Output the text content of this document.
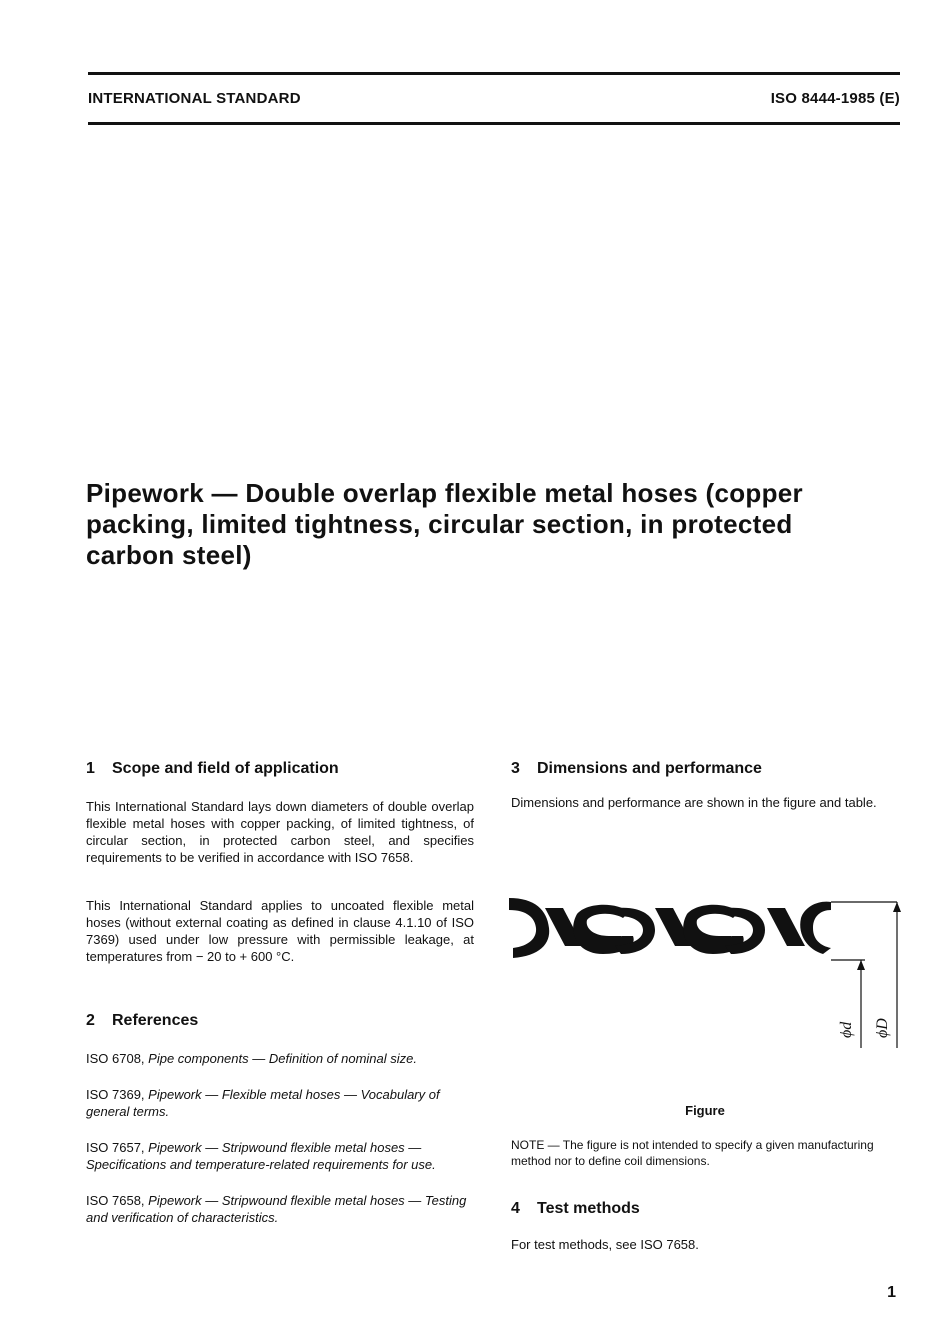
INTERNATIONAL STANDARD	ISO 8444-1985 (E)
Pipework — Double overlap flexible metal hoses (copper packing, limited tightness, circular section, in protected carbon steel)
1 Scope and field of application

This International Standard lays down diameters of double overlap flexible metal hoses with copper packing, of limited tightness, of circular section, in protected carbon steel, and specifies requirements to be verified in accordance with ISO 7658.

This International Standard applies to uncoated flexible metal hoses (without external coating as defined in clause 4.1.10 of ISO 7369) used under low pressure with permissible leakage, at temperatures from − 20 to + 600 °C.

2 References

ISO 6708, Pipe components — Definition of nominal size.

ISO 7369, Pipework — Flexible metal hoses — Vocabulary of general terms.

ISO 7657, Pipework — Stripwound flexible metal hoses — Specifications and temperature-related requirements for use.

ISO 7658, Pipework — Stripwound flexible metal hoses — Testing and verification of characteristics.

3 Dimensions and performance

Dimensions and performance are shown in the figure and table.

ϕd ϕD
Figure
NOTE — The figure is not intended to specify a given manufacturing method nor to define coil dimensions.
4 Test methods

For test methods, see ISO 7658.

1
